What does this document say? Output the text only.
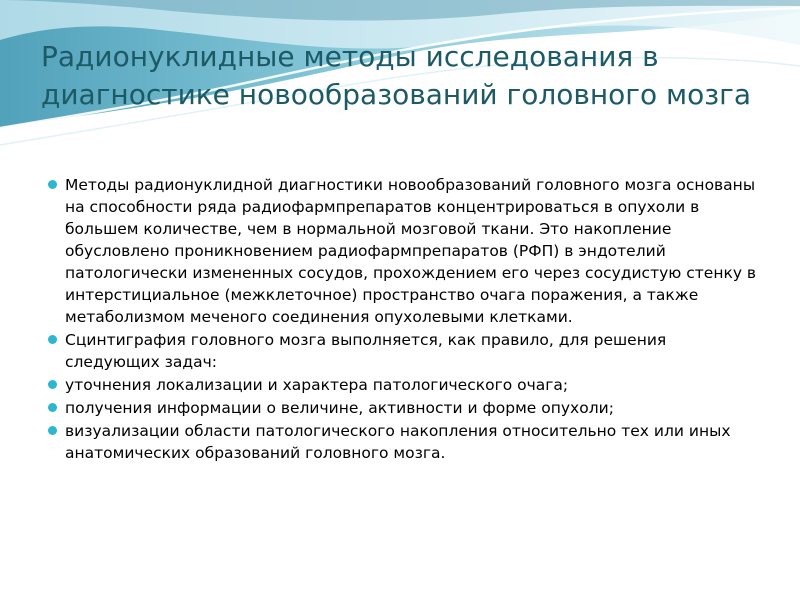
Радионуклидные методы исследования в диагностике новообразований головного мозга
Методы радионуклидной диагностики новообразований головного мозга основаны на способности ряда радиофармпрепаратов концентрироваться в опухоли в большем количестве, чем в нормальной мозговой ткани. Это накопление обусловлено проникновением радиофармпрепаратов (РФП) в эндотелий патологически измененных сосудов, прохождением его через сосудистую стенку в интерстициальное (межклеточное) пространство очага поражения, а также метаболизмом меченого соединения опухолевыми клетками.
Сцинтиграфия головного мозга выполняется, как правило, для решения следующих задач:
уточнения локализации и характера патологического очага;
получения информации о величине, активности и форме опухоли;
визуализации области патологического накопления относительно тех или иных анатомических образований головного мозга.
